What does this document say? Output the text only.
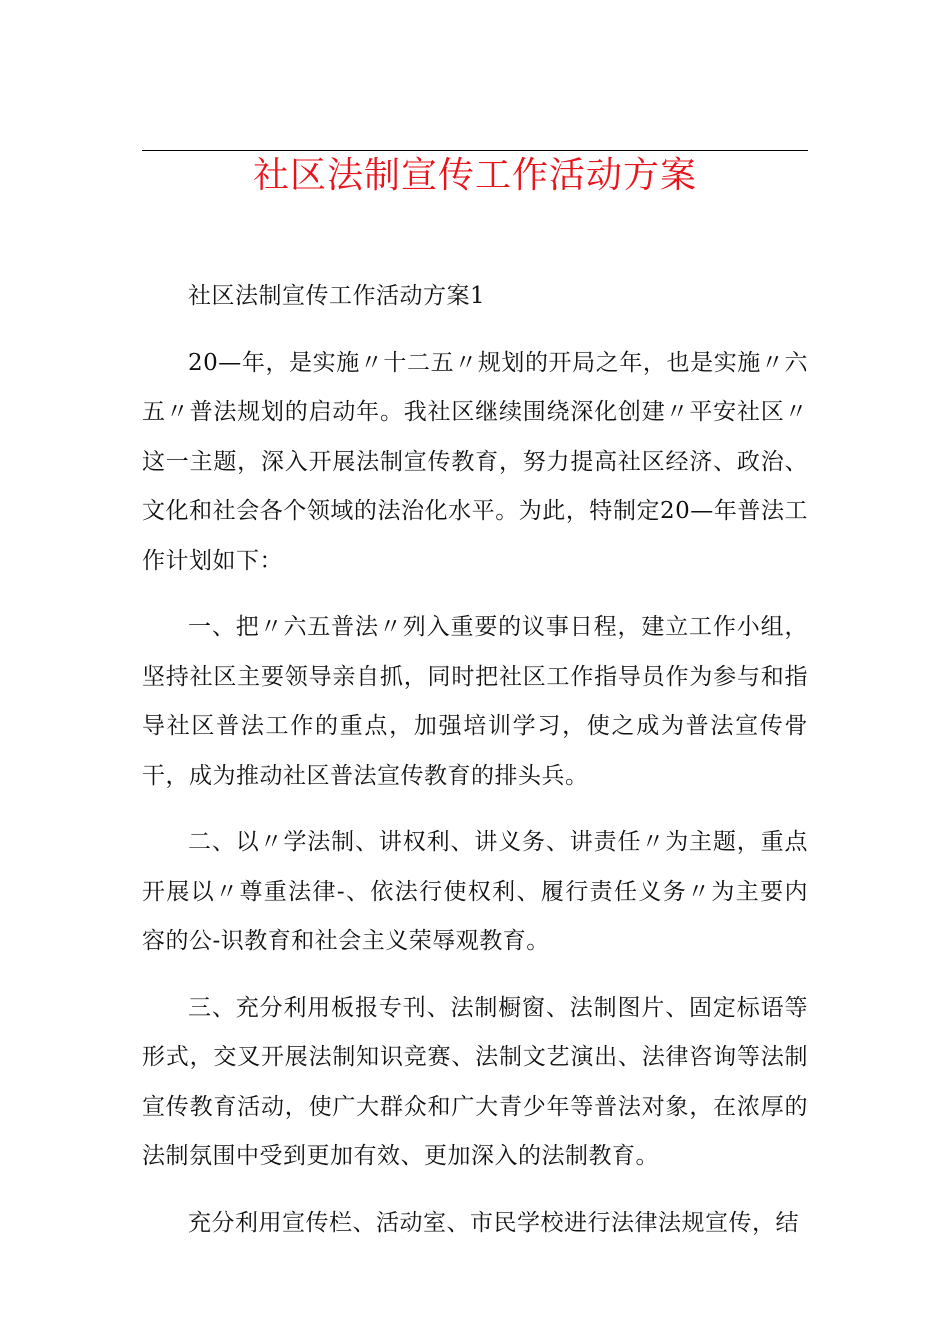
社区法制宣传工作活动方案

社区法制宣传工作活动方案1

20—年，是实施〃十二五〃规划的开局之年，也是实施〃六五〃普法规划的启动年。我社区继续围绕深化创建〃平安社区〃这一主题，深入开展法制宣传教育，努力提高社区经济、政治、文化和社会各个领域的法治化水平。为此，特制定20—年普法工作计划如下：

一、把〃六五普法〃列入重要的议事日程，建立工作小组，坚持社区主要领导亲自抓，同时把社区工作指导员作为参与和指导社区普法工作的重点，加强培训学习，使之成为普法宣传骨干，成为推动社区普法宣传教育的排头兵。

二、以〃学法制、讲权利、讲义务、讲责任〃为主题，重点开展以〃尊重法律-、依法行使权利、履行责任义务〃为主要内容的公-识教育和社会主义荣辱观教育。

三、充分利用板报专刊、法制橱窗、法制图片、固定标语等形式，交叉开展法制知识竞赛、法制文艺演出、法律咨询等法制宣传教育活动，使广大群众和广大青少年等普法对象，在浓厚的法制氛围中受到更加有效、更加深入的法制教育。

充分利用宣传栏、活动室、市民学校进行法律法规宣传，结
